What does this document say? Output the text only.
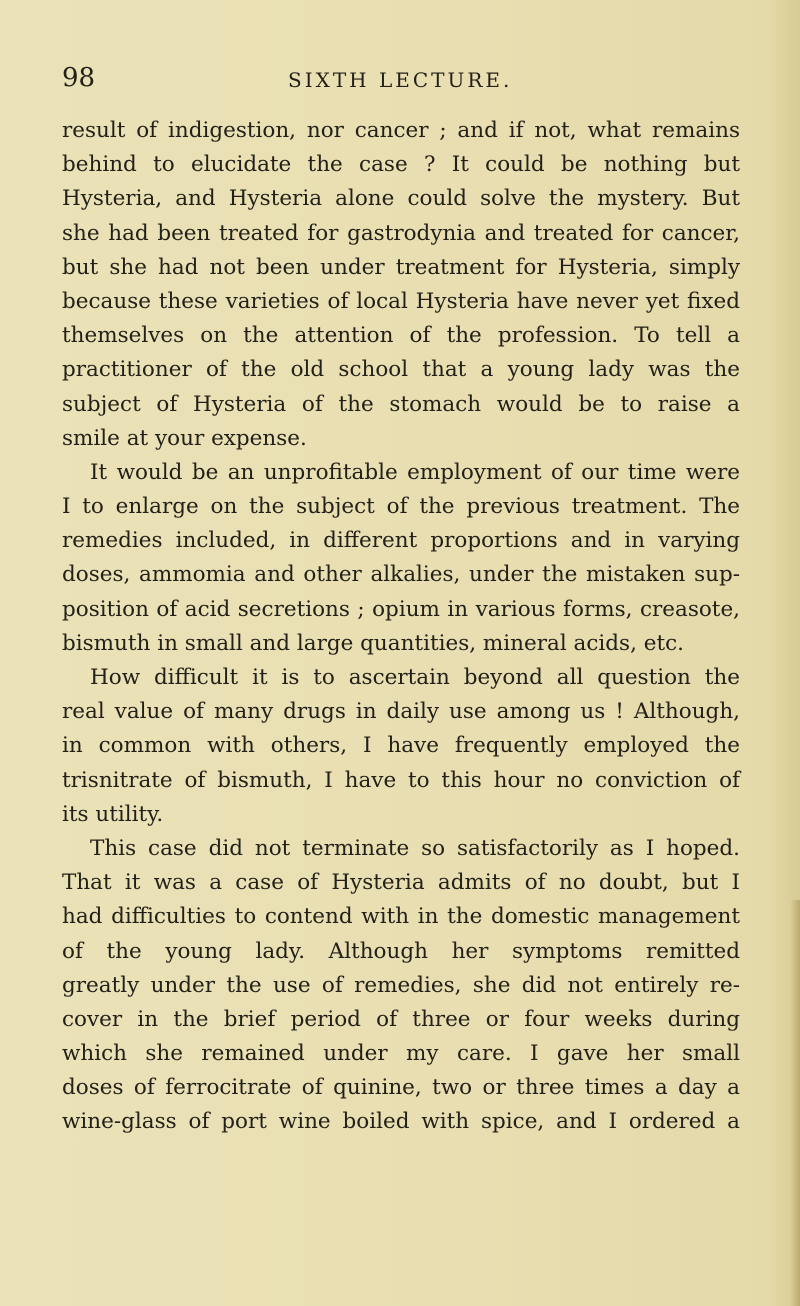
98	SIXTH LECTURE.
result of indigestion, nor cancer ; and if not, what remains
behind to elucidate the case ? It could be nothing but
Hysteria, and Hysteria alone could solve the mystery. But
she had been treated for gastrodynia and treated for cancer,
but she had not been under treatment for Hysteria, simply
because these varieties of local Hysteria have never yet fixed
themselves on the attention of the profession. To tell a
practitioner of the old school that a young lady was the
subject of Hysteria of the stomach would be to raise a
smile at your expense.
It would be an unprofitable employment of our time were
I to enlarge on the subject of the previous treatment. The
remedies included, in different proportions and in varying
doses, ammomia and other alkalies, under the mistaken sup-
position of acid secretions ; opium in various forms, creasote,
bismuth in small and large quantities, mineral acids, etc.
How difficult it is to ascertain beyond all question the
real value of many drugs in daily use among us ! Although,
in common with others, I have frequently employed the
trisnitrate of bismuth, I have to this hour no conviction of
its utility.
This case did not terminate so satisfactorily as I hoped.
That it was a case of Hysteria admits of no doubt, but I
had difficulties to contend with in the domestic management
of the young lady. Although her symptoms remitted
greatly under the use of remedies, she did not entirely re-
cover in the brief period of three or four weeks during
which she remained under my care. I gave her small
doses of ferrocitrate of quinine, two or three times a day a
wine-glass of port wine boiled with spice, and I ordered a
